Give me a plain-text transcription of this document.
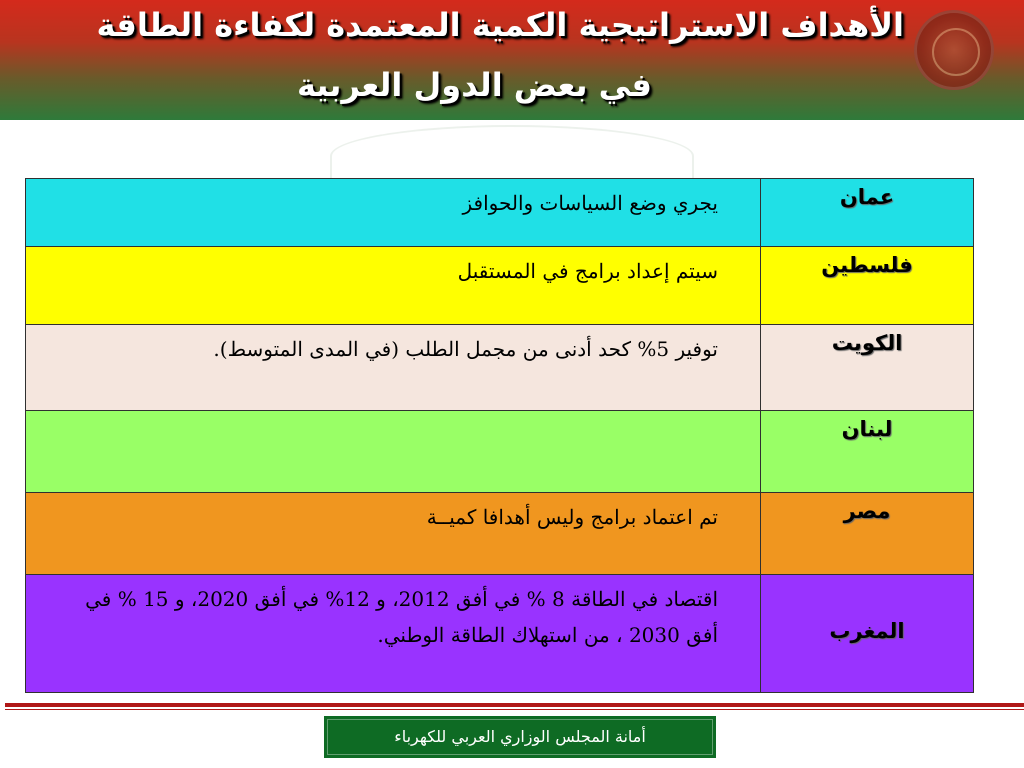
الأهداف الاستراتيجية الكمية المعتمدة لكفاءة الطاقة
في بعض الدول العربية
عمان	يجري وضع السياسات والحوافز
فلسطين	سيتم إعداد برامج في المستقبل
الكويت	توفير 5% كحد أدنى من مجمل الطلب (في المدى المتوسط).
لبنان	
مصر	تم اعتماد برامج وليس أهدافا كميــة
المغرب	اقتصاد في الطاقة 8 % في أفق 2012، و 12% في أفق 2020، و 15 % في أفق 2030 ، من استهلاك الطاقة الوطني.
أمانة المجلس الوزاري العربي للكهرباء
